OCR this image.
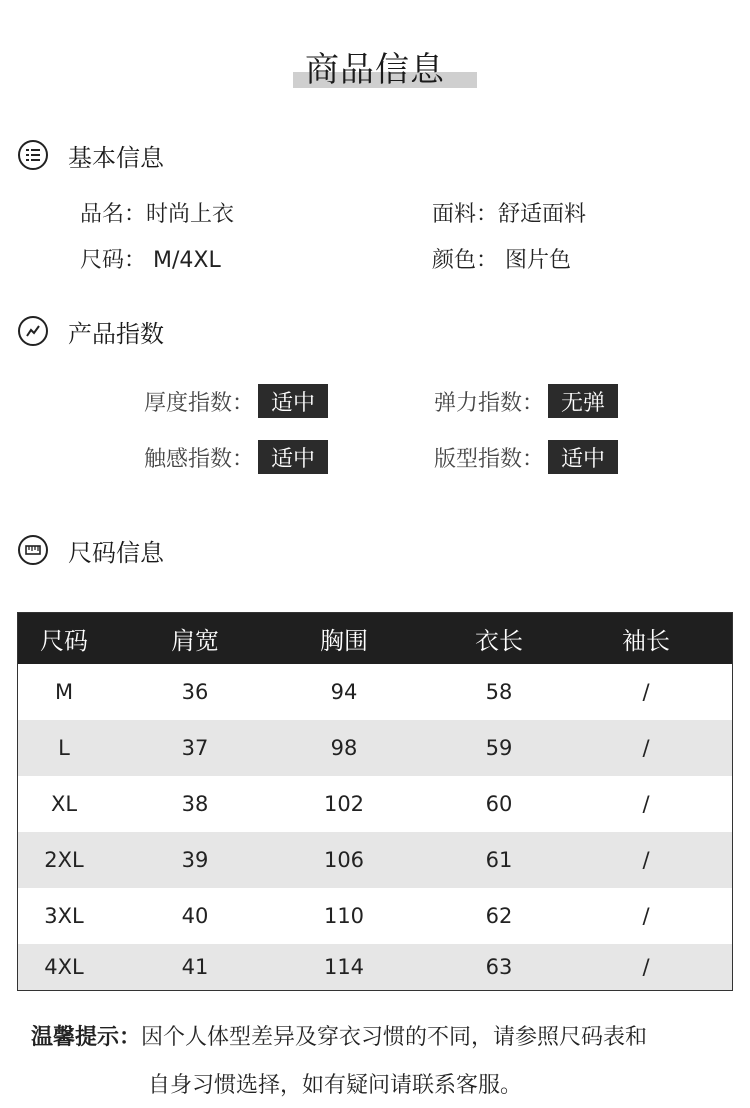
商品信息
基本信息
品名：时尚上衣	面料：舒适面料
尺码： M/4XL	颜色： 图片色
产品指数
厚度指数： 适中	弹力指数： 无弹
触感指数： 适中	版型指数： 适中
尺码信息
尺码	肩宽	胸围	衣长	袖长
M	36	94	58	/
L	37	98	59	/
XL	38	102	60	/
2XL	39	106	61	/
3XL	40	110	62	/
4XL	41	114	63	/
温馨提示：因个人体型差异及穿衣习惯的不同，请参照尺码表和
自身习惯选择，如有疑问请联系客服。
